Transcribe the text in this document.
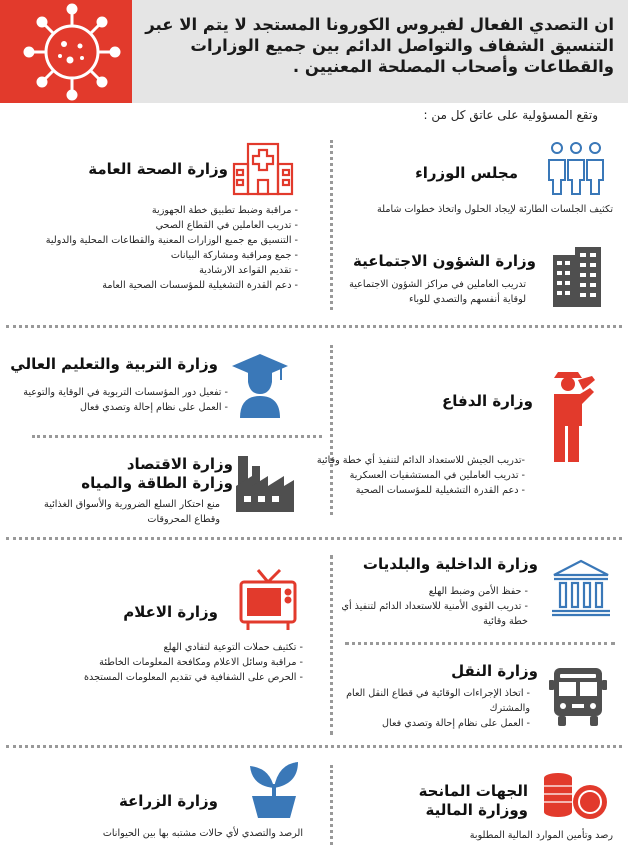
ان التصدي الفعال لفيروس الكورونا المستجد لا يتم الا عبر التنسيق الشفاف والتواصل الدائم بين جميع الوزارات والقطاعات وأصحاب المصلحة المعنيين .
وتقع المسؤولية على عاتق كل من :
مجلس الوزراء
تكثيف الجلسات الطارئة لإيجاد الحلول واتخاذ خطوات شاملة
وزارة الصحة العامة
- مراقبة وضبط تطبيق خطة الجهوزية
- تدريب العاملين في القطاع الصحي
- التنسيق مع جميع الوزارات المعنية والقطاعات المحلية والدولية
- جمع ومراقبة ومشاركة البيانات
- تقديم القواعد الارشادية
- دعم القدرة التشغيلية للمؤسسات الصحية العامة
وزارة الشؤون الاجتماعية
تدريب العاملين في مراكز الشؤون الاجتماعية
لوقاية أنفسهم والتصدي للوباء
وزارة التربية والتعليم العالي
- تفعيل دور المؤسسات التربوية في الوقاية والتوعية
- العمل على نظام إحالة وتصدي فعال	وزارة الدفاع
-تدريب الجيش للاستعداد الدائم لتنفيذ أي خطة وقائية
- تدريب العاملين في المستشفيات العسكرية
- دعم القدرة التشغيلية للمؤسسات الصحية
وزارة الاقتصاد
وزارة الطاقة والمياه
منع احتكار السلع الضرورية والأسواق الغذائية
وقطاع المحروقات
وزارة الداخلية والبلديات
- حفظ الأمن وضبط الهلع
- تدريب القوى الأمنية للاستعداد الدائم لتنفيذ أي
خطة وقائية
وزارة الاعلام
- تكثيف حملات التوعية لتفادي الهلع
- مراقبة وسائل الاعلام ومكافحة المعلومات الخاطئة
- الحرص على الشفافية في تقديم المعلومات المستجدة	وزارة النقل
- اتخاذ الإجراءات الوقائية في قطاع النقل العام
والمشترك
- العمل على نظام إحالة وتصدي فعال
وزارة الزراعة
الرصد والتصدي لأي حالات مشتبه بها بين الحيوانات
الجهات المانحة
ووزارة المالية
رصد وتأمين الموارد المالية المطلوبة
